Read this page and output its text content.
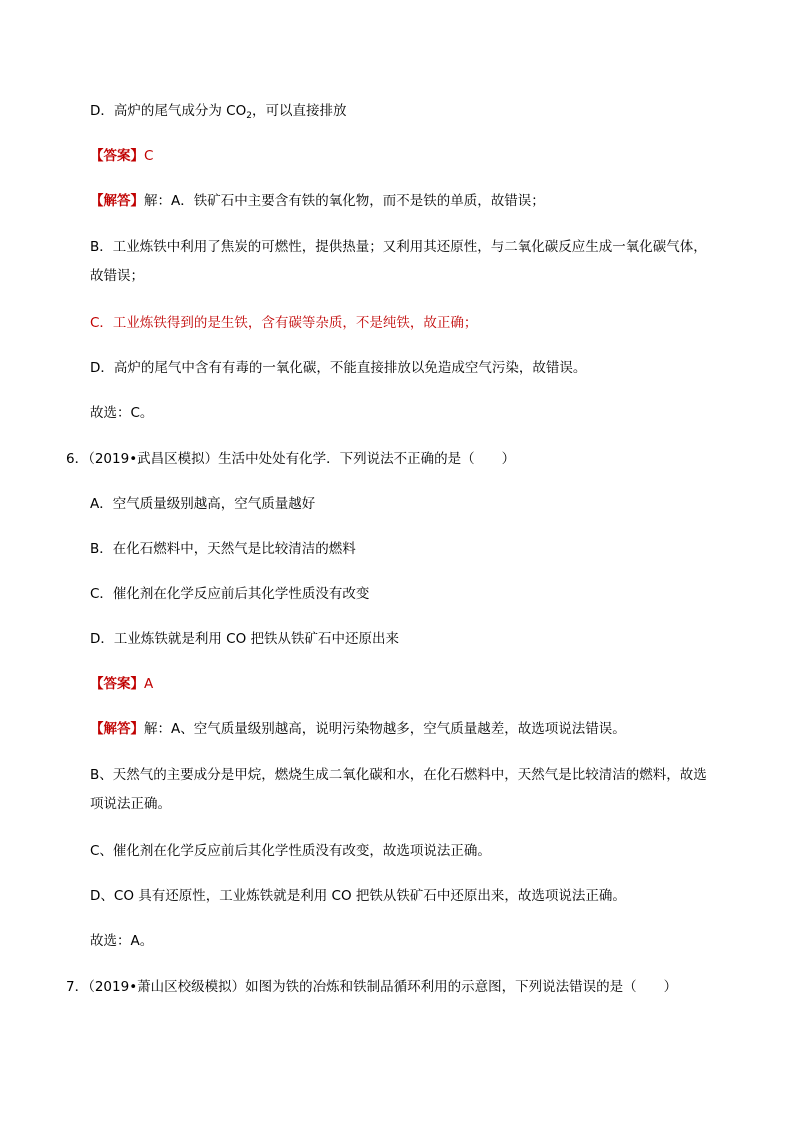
D．高炉的尾气成分为 $CO_2$，可以直接排放
【答案】C
【解答】解：A．铁矿石中主要含有铁的氧化物，而不是铁的单质，故错误；
B．工业炼铁中利用了焦炭的可燃性，提供热量；又利用其还原性，与二氧化碳反应生成一氧化碳气体，
故错误；
C．工业炼铁得到的是生铁，含有碳等杂质，不是纯铁，故正确；
D．高炉的尾气中含有有毒的一氧化碳，不能直接排放以免造成空气污染，故错误。
故选：C。
6．（2019•武昌区模拟）生活中处处有化学．下列说法不正确的是（　　）
A．空气质量级别越高，空气质量越好
B．在化石燃料中，天然气是比较清洁的燃料
C．催化剂在化学反应前后其化学性质没有改变
D．工业炼铁就是利用 CO 把铁从铁矿石中还原出来
【答案】A
【解答】解：A、空气质量级别越高，说明污染物越多，空气质量越差，故选项说法错误。
B、天然气的主要成分是甲烷，燃烧生成二氧化碳和水，在化石燃料中，天然气是比较清洁的燃料，故选
项说法正确。
C、催化剂在化学反应前后其化学性质没有改变，故选项说法正确。
D、CO 具有还原性，工业炼铁就是利用 CO 把铁从铁矿石中还原出来，故选项说法正确。
故选：A。
7．（2019•萧山区校级模拟）如图为铁的冶炼和铁制品循环利用的示意图，下列说法错误的是（　　）
